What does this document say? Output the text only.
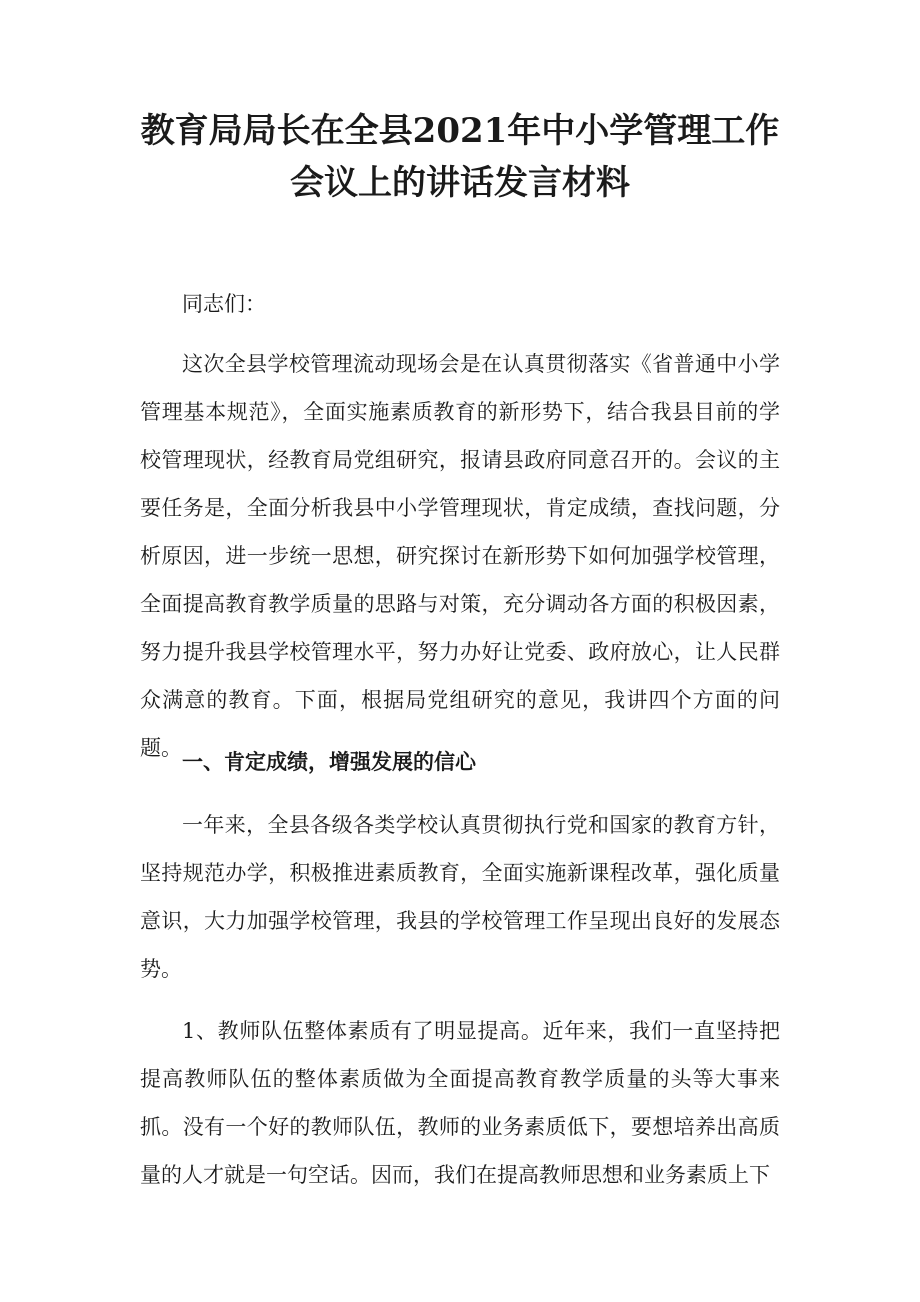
教育局局长在全县2021年中小学管理工作
会议上的讲话发言材料

同志们：

这次全县学校管理流动现场会是在认真贯彻落实《省普通中小学管理基本规范》，全面实施素质教育的新形势下，结合我县目前的学校管理现状，经教育局党组研究，报请县政府同意召开的。会议的主要任务是，全面分析我县中小学管理现状，肯定成绩，查找问题，分析原因，进一步统一思想，研究探讨在新形势下如何加强学校管理，全面提高教育教学质量的思路与对策，充分调动各方面的积极因素，努力提升我县学校管理水平，努力办好让党委、政府放心，让人民群众满意的教育。下面，根据局党组研究的意见，我讲四个方面的问题。

一、肯定成绩，增强发展的信心

一年来，全县各级各类学校认真贯彻执行党和国家的教育方针，坚持规范办学，积极推进素质教育，全面实施新课程改革，强化质量意识，大力加强学校管理，我县的学校管理工作呈现出良好的发展态势。

1、教师队伍整体素质有了明显提高。近年来，我们一直坚持把提高教师队伍的整体素质做为全面提高教育教学质量的头等大事来抓。没有一个好的教师队伍，教师的业务素质低下，要想培养出高质量的人才就是一句空话。因而，我们在提高教师思想和业务素质上下
